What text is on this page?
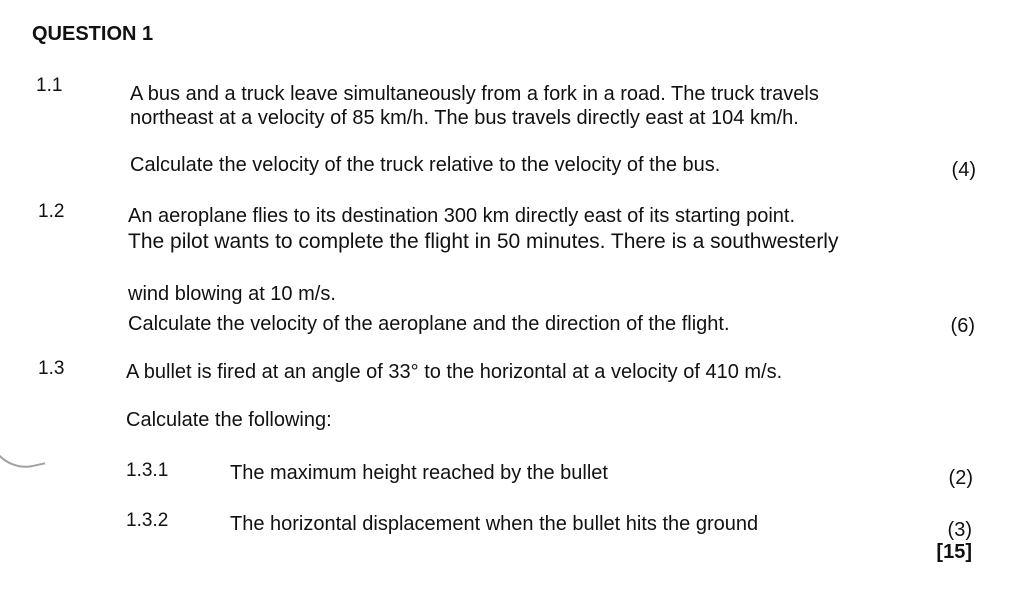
QUESTION 1
1.1	A bus and a truck leave simultaneously from a fork in a road. The truck travels
northeast at a velocity of 85 km/h. The bus travels directly east at 104 km/h.
Calculate the velocity of the truck relative to the velocity of the bus.	(4)
1.2	An aeroplane flies to its destination 300 km directly east of its starting point.
The pilot wants to complete the flight in 50 minutes. There is a southwesterly
wind blowing at 10 m/s.
Calculate the velocity of the aeroplane and the direction of the flight.	(6)
1.3	A bullet is fired at an angle of 33° to the horizontal at a velocity of 410 m/s.
Calculate the following:
1.3.1	The maximum height reached by the bullet	(2)
1.3.2	The horizontal displacement when the bullet hits the ground	(3)
[15]
